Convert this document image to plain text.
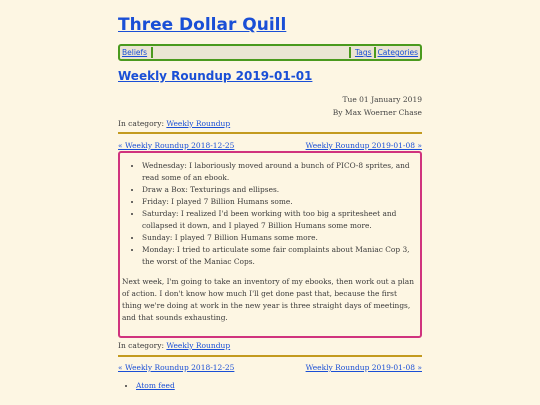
Three Dollar Quill
Beliefs	Tags Categories
Weekly Roundup 2019-01-01
Tue 01 January 2019
By Max Woerner Chase
In category: Weekly Roundup
« Weekly Roundup 2018-12-25	Weekly Roundup 2019-01-08 »
• Wednesday: I laboriously moved around a bunch of PICO-8 sprites, and read some of an ebook.
• Draw a Box: Texturings and ellipses.
• Friday: I played 7 Billion Humans some.
• Saturday: I realized I'd been working with too big a spritesheet and collapsed it down, and I played 7 Billion Humans some more.
• Sunday: I played 7 Billion Humans some more.
• Monday: I tried to articulate some fair complaints about Maniac Cop 3, the worst of the Maniac Cops.

Next week, I'm going to take an inventory of my ebooks, then work out a plan of action. I don't know how much I'll get done past that, because the first thing we're doing at work in the new year is three straight days of meetings, and that sounds exhausting.

In category: Weekly Roundup
« Weekly Roundup 2018-12-25	Weekly Roundup 2019-01-08 »
• Atom feed
